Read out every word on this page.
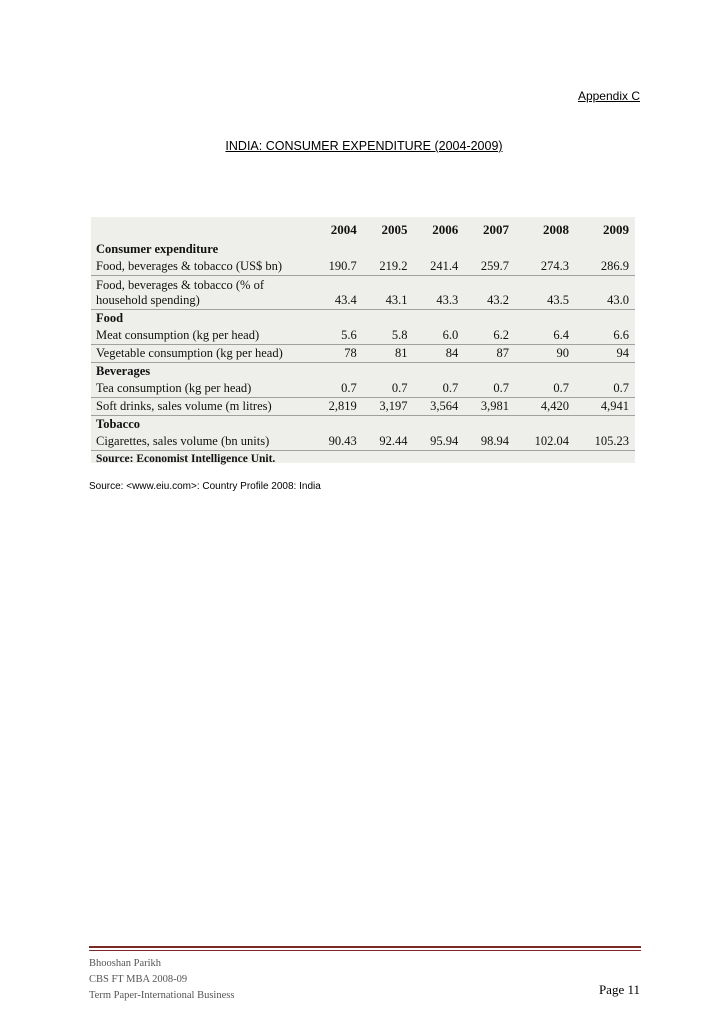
Appendix C
INDIA: CONSUMER EXPENDITURE (2004-2009)
	2004	2005	2006	2007	2008	2009
Consumer expenditure						
Food, beverages & tobacco (US$ bn)	190.7	219.2	241.4	259.7	274.3	286.9
Food, beverages & tobacco (% of household spending)	43.4	43.1	43.3	43.2	43.5	43.0
Food						
Meat consumption (kg per head)	5.6	5.8	6.0	6.2	6.4	6.6
Vegetable consumption (kg per head)	78	81	84	87	90	94
Beverages						
Tea consumption (kg per head)	0.7	0.7	0.7	0.7	0.7	0.7
Soft drinks, sales volume (m litres)	2,819	3,197	3,564	3,981	4,420	4,941
Tobacco						
Cigarettes, sales volume (bn units)	90.43	92.44	95.94	98.94	102.04	105.23
Source: Economist Intelligence Unit.						
Source: <www.eiu.com>: Country Profile 2008: India
Bhooshan Parikh
CBS FT MBA 2008-09
Term Paper-International Business	Page 11
